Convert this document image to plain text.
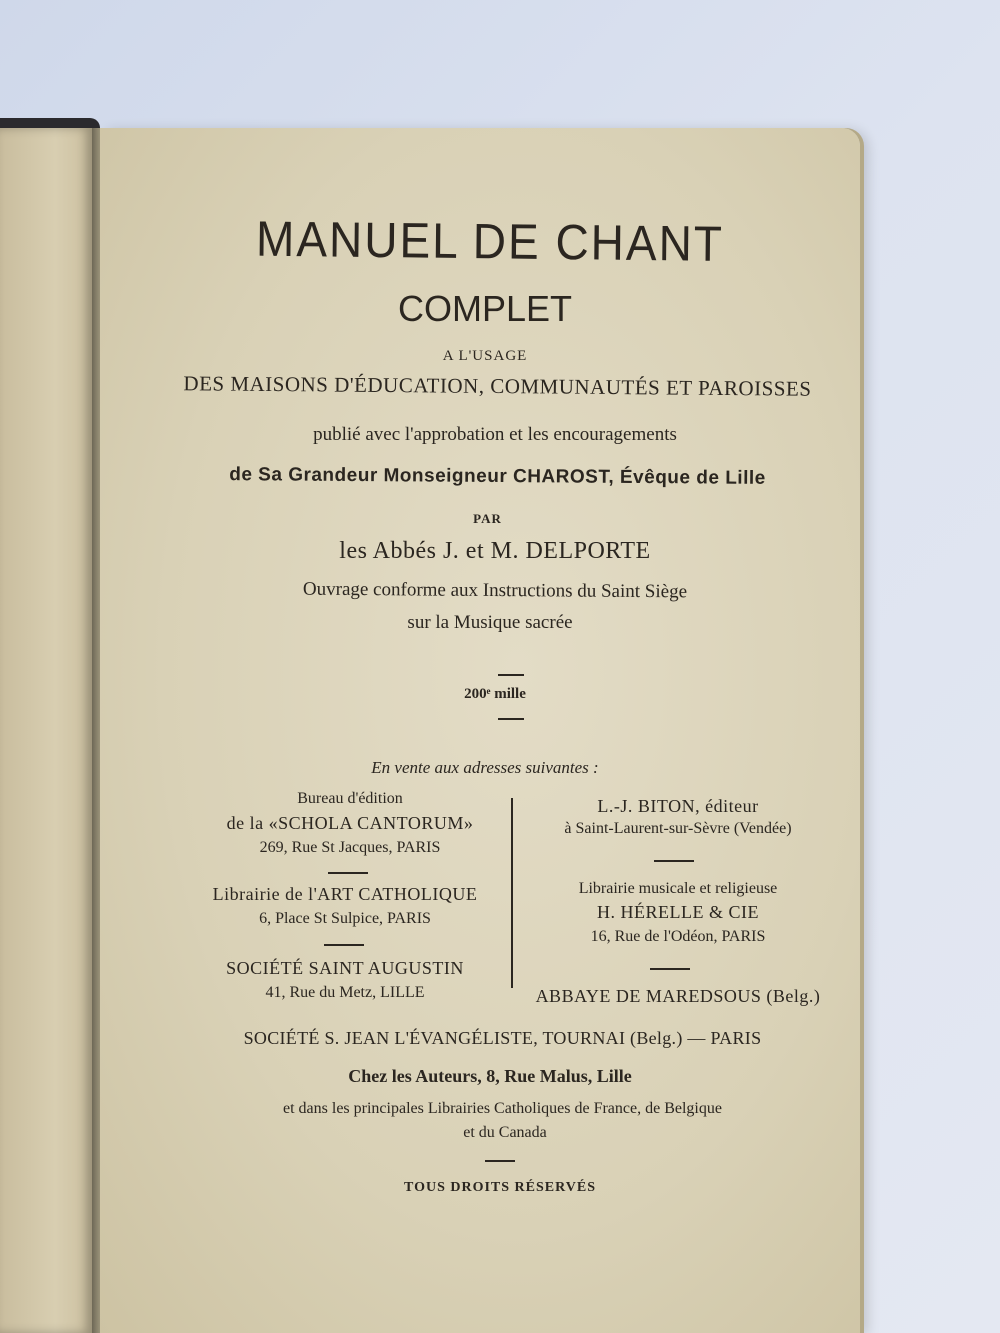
MANUEL DE CHANT
COMPLET
A L'USAGE
DES MAISONS D'ÉDUCATION, COMMUNAUTÉS ET PAROISSES
publié avec l'approbation et les encouragements
de Sa Grandeur Monseigneur CHAROST, Évêque de Lille
PAR
les Abbés J. et M. DELPORTE
Ouvrage conforme aux Instructions du Saint Siège
sur la Musique sacrée
200ᵉ mille
En vente aux adresses suivantes :
Bureau d'édition
de la «SCHOLA CANTORUM»
269, Rue St Jacques, PARIS
Librairie de l'ART CATHOLIQUE
6, Place St Sulpice, PARIS
SOCIÉTÉ SAINT AUGUSTIN
41, Rue du Metz, LILLE
L.-J. BITON, éditeur
à Saint-Laurent-sur-Sèvre (Vendée)
Librairie musicale et religieuse
H. HÉRELLE & CIE
16, Rue de l'Odéon, PARIS
ABBAYE DE MAREDSOUS (Belg.)
SOCIÉTÉ S. JEAN L'ÉVANGÉLISTE, TOURNAI (Belg.) — PARIS
Chez les Auteurs, 8, Rue Malus, Lille
et dans les principales Librairies Catholiques de France, de Belgique
et du Canada
TOUS DROITS RÉSERVÉS
